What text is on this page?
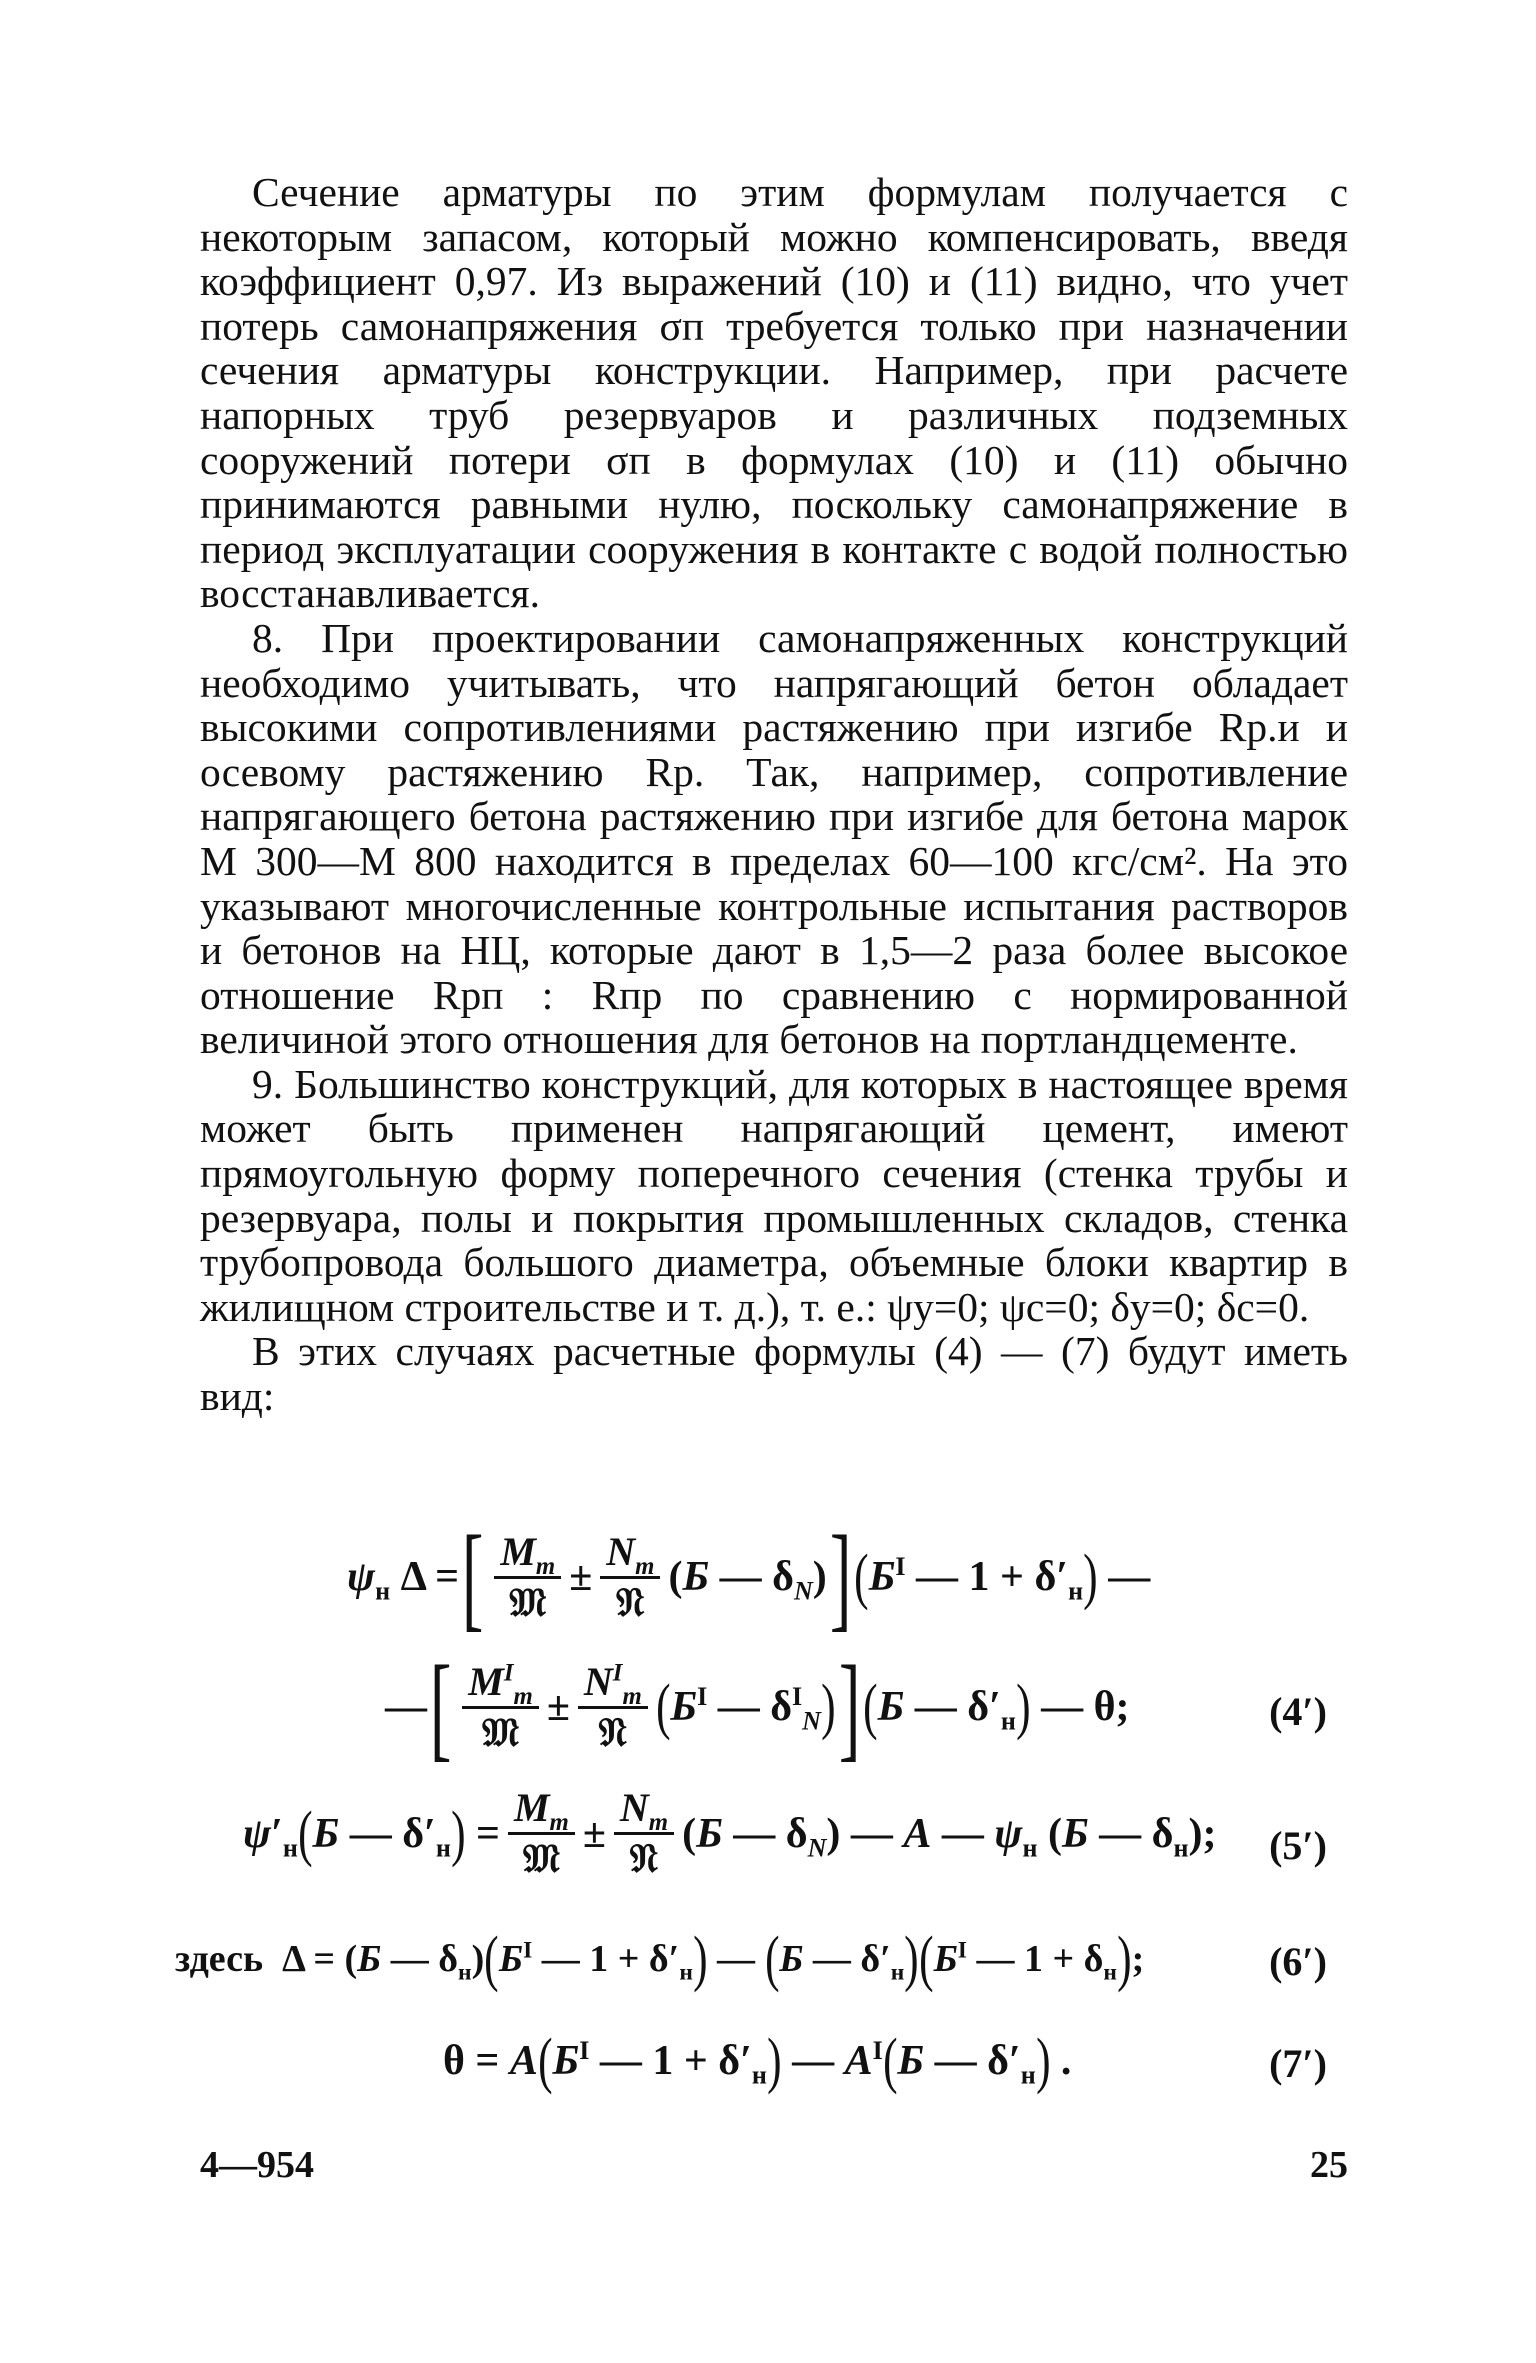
Сечение арматуры по этим формулам получается с некоторым запасом, который можно компенсировать, введя коэффициент 0,97. Из выражений (10) и (11) видно, что учет потерь самонапряжения σп требуется только при назначении сечения арматуры конструкции. Например, при расчете напорных труб резервуаров и различных подземных сооружений потери σп в формулах (10) и (11) обычно принимаются равными нулю, поскольку самонапряжение в период эксплуатации сооружения в контакте с водой полностью восстанавливается.

8. При проектировании самонапряженных конструкций необходимо учитывать, что напрягающий бетон обладает высокими сопротивлениями растяжению при изгибе Rр.и и осевому растяжению Rр. Так, например, сопротивление напрягающего бетона растяжению при изгибе для бетона марок М 300—М 800 находится в пределах 60—100 кгс/см². На это указывают многочисленные контрольные испытания растворов и бетонов на НЦ, которые дают в 1,5—2 раза более высокое отношение Rрп : Rпр по сравнению с нормированной величиной этого отношения для бетонов на портландцементе.

9. Большинство конструкций, для которых в настоящее время может быть применен напрягающий цемент, имеют прямоугольную форму поперечного сечения (стенка трубы и резервуара, полы и покрытия промышленных складов, стенка трубопровода большого диаметра, объемные блоки квартир в жилищном строительстве и т. д.), т. е.: ψy=0; ψc=0; δy=0; δc=0.

В этих случаях расчетные формулы (4) — (7) будут иметь вид:

$\psi_н$ Δ = [ $\frac{M_т}{\text{𝔐}} \pm \frac{N_т}{\text{𝔑}} (Б$ — $\delta_N$) ] ( $Б^I$ — $1 + \delta'_н$ ) —
— [ $\frac{M^I_т}{\text{𝔐}} \pm \frac{N^I_т}{\text{𝔑}}$ ( $Б^I$ — $\delta^I_N$ ) ] ( Б — $\delta'_н$ ) — θ;	(4′)
$\psi'_н$ ( Б — $\delta'_н$ ) = $\frac{M_т}{\text{𝔐}} \pm \frac{N_т}{\text{𝔑}} (Б$ — $\delta_N$) — A — $\psi_н$ (Б — $\delta_н$); (5′)
здесь Δ = (Б — $\delta_н$) ( $Б^I$ — $1 + \delta'_н$ ) — ( Б — $\delta'_н$ ) ( $Б^I$ — $1 + \delta_н$ ) ;	(6′)
θ = A ( $Б^I$ — $1 + \delta'_н$ ) — $A^I$ ( Б — $\delta'_н$ ) .	(7′)
4—954	25
